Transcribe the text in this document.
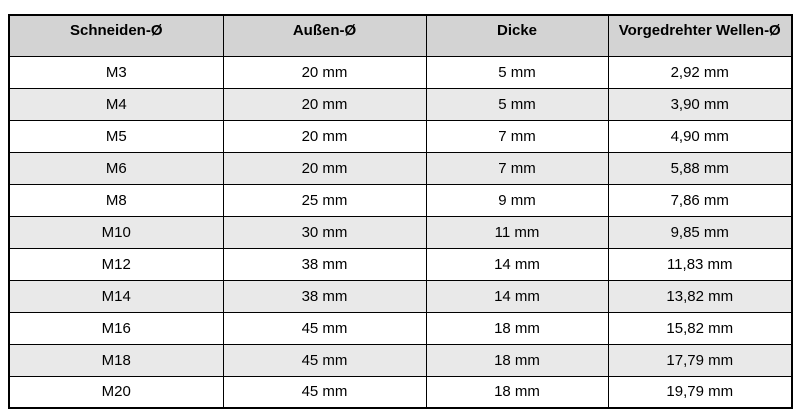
Schneiden-Ø	Außen-Ø	Dicke	Vorgedrehter Wellen-Ø
M3	20 mm	5 mm	2,92 mm
M4	20 mm	5 mm	3,90 mm
M5	20 mm	7 mm	4,90 mm
M6	20 mm	7 mm	5,88 mm
M8	25 mm	9 mm	7,86 mm
M10	30 mm	11 mm	9,85 mm
M12	38 mm	14 mm	11,83 mm
M14	38 mm	14 mm	13,82 mm
M16	45 mm	18 mm	15,82 mm
M18	45 mm	18 mm	17,79 mm
M20	45 mm	18 mm	19,79 mm
